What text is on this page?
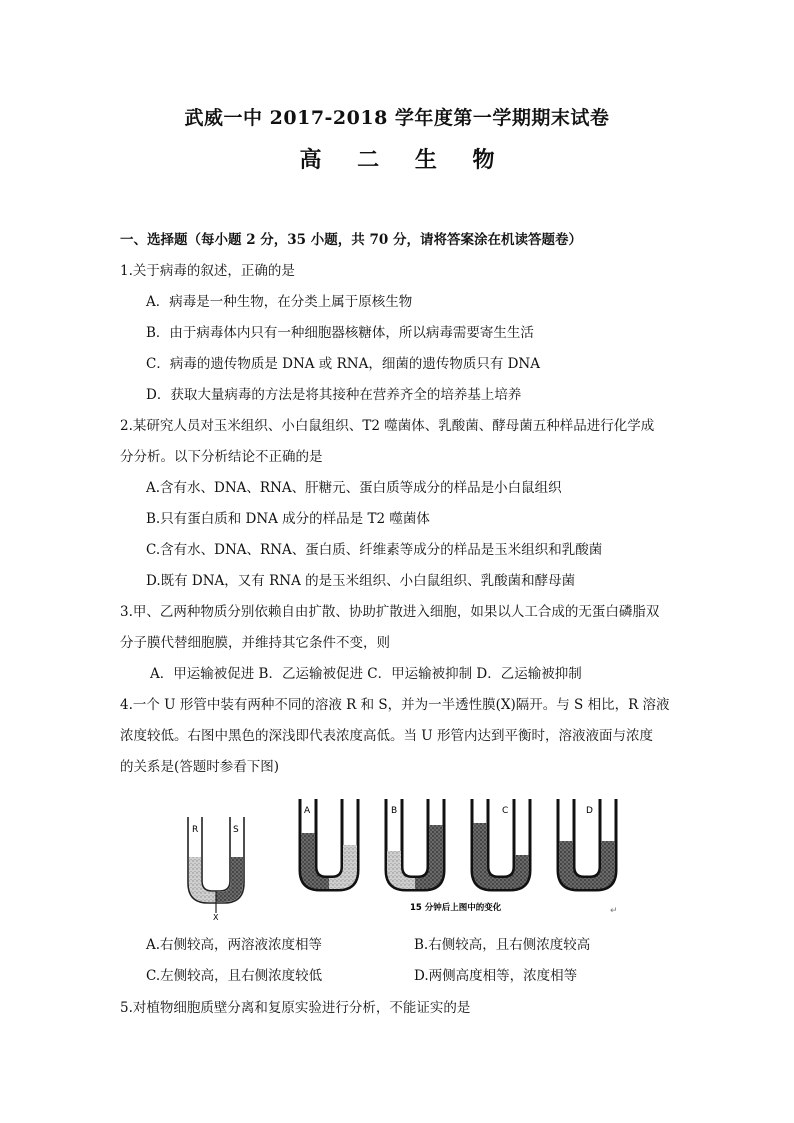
武威一中 2017-2018 学年度第一学期期末试卷
高 二 生 物
一、选择题（每小题 2 分，35 小题，共 70 分，请将答案涂在机读答题卷）
1.关于病毒的叙述，正确的是
A．病毒是一种生物，在分类上属于原核生物
B．由于病毒体内只有一种细胞器核糖体，所以病毒需要寄生生活
C．病毒的遗传物质是 DNA 或 RNA，细菌的遗传物质只有 DNA
D．获取大量病毒的方法是将其接种在营养齐全的培养基上培养
2.某研究人员对玉米组织、小白鼠组织、T2 噬菌体、乳酸菌、酵母菌五种样品进行化学成
分分析。以下分析结论不正确的是
A.含有水、DNA、RNA、肝糖元、蛋白质等成分的样品是小白鼠组织
B.只有蛋白质和 DNA 成分的样品是 T2 噬菌体
C.含有水、DNA、RNA、蛋白质、纤维素等成分的样品是玉米组织和乳酸菌
D.既有 DNA，又有 RNA 的是玉米组织、小白鼠组织、乳酸菌和酵母菌
3.甲、乙两种物质分别依赖自由扩散、协助扩散进入细胞，如果以人工合成的无蛋白磷脂双
分子膜代替细胞膜，并维持其它条件不变，则
A．甲运输被促进 B．乙运输被促进 C．甲运输被抑制 D．乙运输被抑制
4.一个 U 形管中装有两种不同的溶液 R 和 S，并为一半透性膜(X)隔开。与 S 相比，R 溶液
浓度较低。右图中黑色的深浅即代表浓度高低。当 U 形管内达到平衡时，溶液液面与浓度
的关系是(答题时参看下图)
R	S
X
A	B	C	D
15 分钟后上图中的变化	↵
A.右侧较高，两溶液浓度相等	B.右侧较高，且右侧浓度较高
C.左侧较高，且右侧浓度较低	D.两侧高度相等，浓度相等
5.对植物细胞质壁分离和复原实验进行分析，不能证实的是
